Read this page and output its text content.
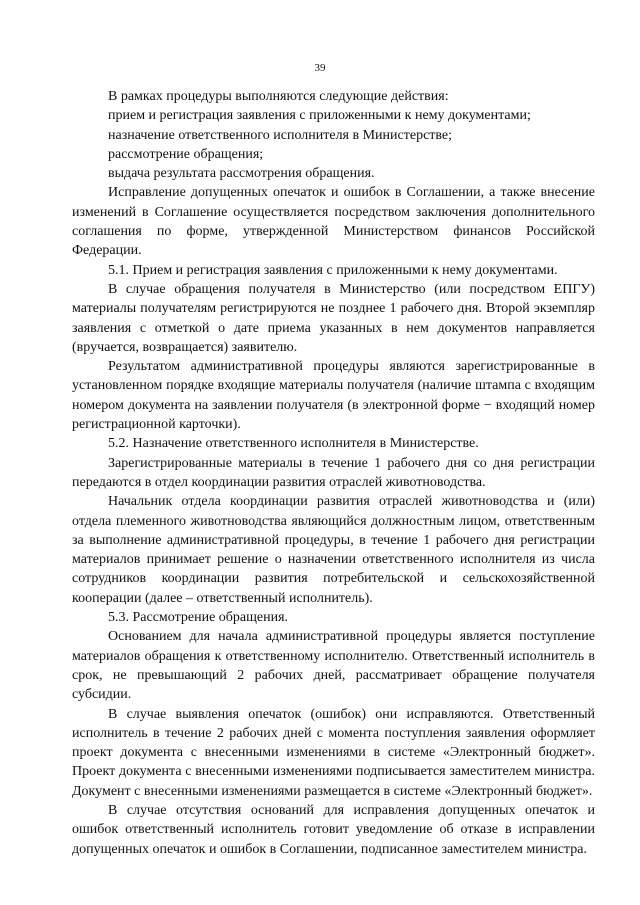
39

В рамках процедуры выполняются следующие действия:

прием и регистрация заявления с приложенными к нему документами;

назначение ответственного исполнителя в Министерстве;

рассмотрение обращения;

выдача результата рассмотрения обращения.

Исправление допущенных опечаток и ошибок в Соглашении, а также внесение изменений в Соглашение осуществляется посредством заключения дополнительного соглашения по форме, утвержденной Министерством финансов Российской Федерации.

5.1. Прием и регистрация заявления с приложенными к нему документами.

В случае обращения получателя в Министерство (или посредством ЕПГУ) материалы получателям регистрируются не позднее 1 рабочего дня. Второй экземпляр заявления с отметкой о дате приема указанных в нем документов направляется (вручается, возвращается) заявителю.

Результатом административной процедуры являются зарегистрированные в установленном порядке входящие материалы получателя (наличие штампа с входящим номером документа на заявлении получателя (в электронной форме − входящий номер регистрационной карточки).

5.2. Назначение ответственного исполнителя в Министерстве.

Зарегистрированные материалы в течение 1 рабочего дня со дня регистрации передаются в отдел координации развития отраслей животноводства.

Начальник отдела координации развития отраслей животноводства и (или) отдела племенного животноводства являющийся должностным лицом, ответственным за выполнение административной процедуры, в течение 1 рабочего дня регистрации материалов принимает решение о назначении ответственного исполнителя из числа сотрудников координации развития потребительской и сельскохозяйственной кооперации (далее – ответственный исполнитель).

5.3. Рассмотрение обращения.

Основанием для начала административной процедуры является поступление материалов обращения к ответственному исполнителю. Ответственный исполнитель в срок, не превышающий 2 рабочих дней, рассматривает обращение получателя субсидии.

В случае выявления опечаток (ошибок) они исправляются. Ответственный исполнитель в течение 2 рабочих дней с момента поступления заявления оформляет проект документа с внесенными изменениями в системе «Электронный бюджет». Проект документа с внесенными изменениями подписывается заместителем министра. Документ с внесенными изменениями размещается в системе «Электронный бюджет».

В случае отсутствия оснований для исправления допущенных опечаток и ошибок ответственный исполнитель готовит уведомление об отказе в исправлении допущенных опечаток и ошибок в Соглашении, подписанное заместителем министра.
